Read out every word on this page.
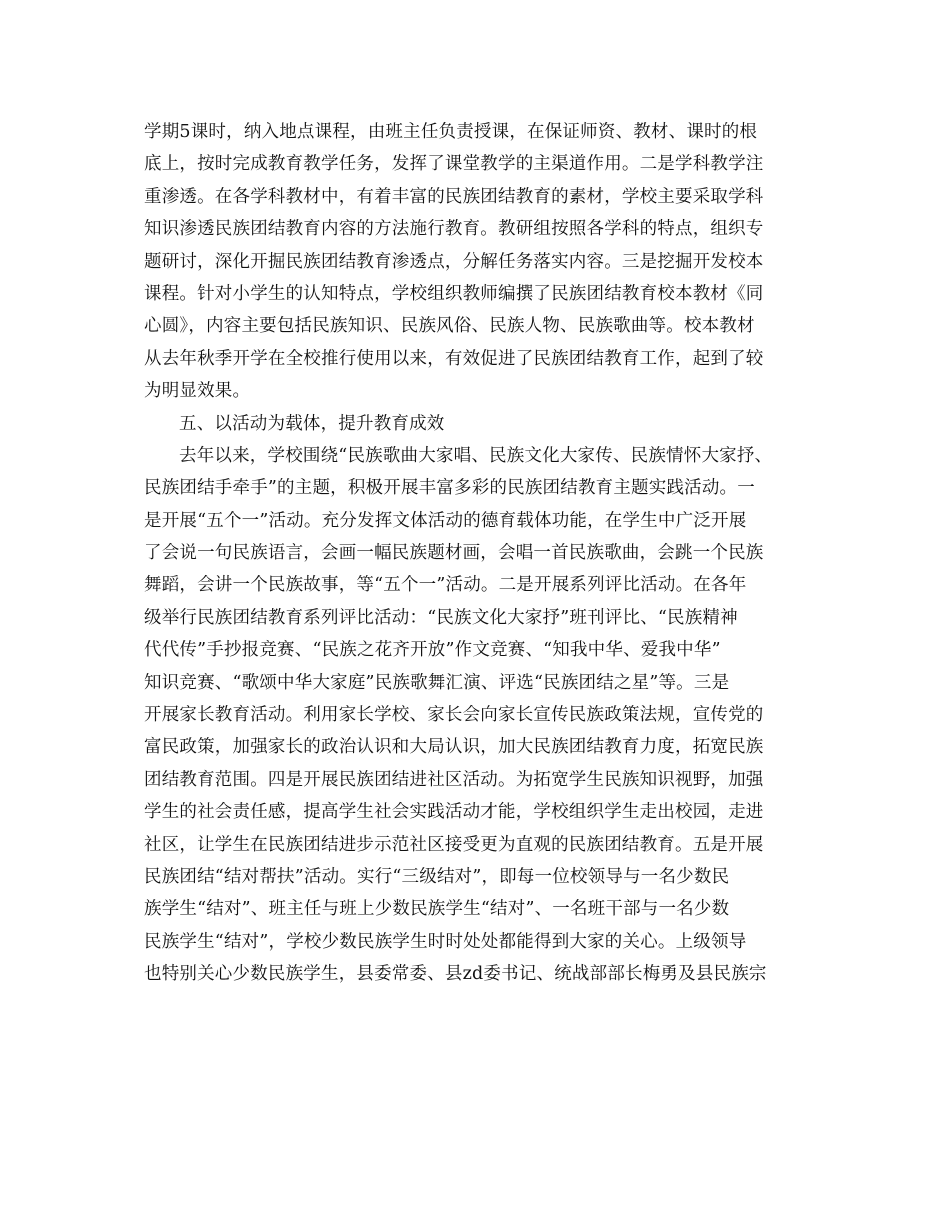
学期5课时，纳入地点课程，由班主任负责授课，在保证师资、教材、课时的根
底上，按时完成教育教学任务，发挥了课堂教学的主渠道作用。二是学科教学注
重渗透。在各学科教材中，有着丰富的民族团结教育的素材，学校主要采取学科
知识渗透民族团结教育内容的方法施行教育。教研组按照各学科的特点，组织专
题研讨，深化开掘民族团结教育渗透点，分解任务落实内容。三是挖掘开发校本
课程。针对小学生的认知特点，学校组织教师编撰了民族团结教育校本教材《同
心圆》，内容主要包括民族知识、民族风俗、民族人物、民族歌曲等。校本教材
从去年秋季开学在全校推行使用以来，有效促进了民族团结教育工作，起到了较
为明显效果。
五、以活动为载体，提升教育成效
去年以来，学校围绕“民族歌曲大家唱、民族文化大家传、民族情怀大家抒、
民族团结手牵手”的主题，积极开展丰富多彩的民族团结教育主题实践活动。一
是开展“五个一”活动。充分发挥文体活动的德育载体功能，在学生中广泛开展
了会说一句民族语言，会画一幅民族题材画，会唱一首民族歌曲，会跳一个民族
舞蹈，会讲一个民族故事，等“五个一”活动。二是开展系列评比活动。在各年
级举行民族团结教育系列评比活动：“民族文化大家抒”班刊评比、“民族精神
代代传”手抄报竞赛、“民族之花齐开放”作文竞赛、“知我中华、爱我中华”
知识竞赛、“歌颂中华大家庭”民族歌舞汇演、评选“民族团结之星”等。三是
开展家长教育活动。利用家长学校、家长会向家长宣传民族政策法规，宣传党的
富民政策，加强家长的政治认识和大局认识，加大民族团结教育力度，拓宽民族
团结教育范围。四是开展民族团结进社区活动。为拓宽学生民族知识视野，加强
学生的社会责任感，提高学生社会实践活动才能，学校组织学生走出校园，走进
社区，让学生在民族团结进步示范社区接受更为直观的民族团结教育。五是开展
民族团结“结对帮扶”活动。实行“三级结对”，即每一位校领导与一名少数民
族学生“结对”、班主任与班上少数民族学生“结对”、一名班干部与一名少数
民族学生“结对”，学校少数民族学生时时处处都能得到大家的关心。上级领导
也特别关心少数民族学生，县委常委、县zd委书记、统战部部长梅勇及县民族宗
